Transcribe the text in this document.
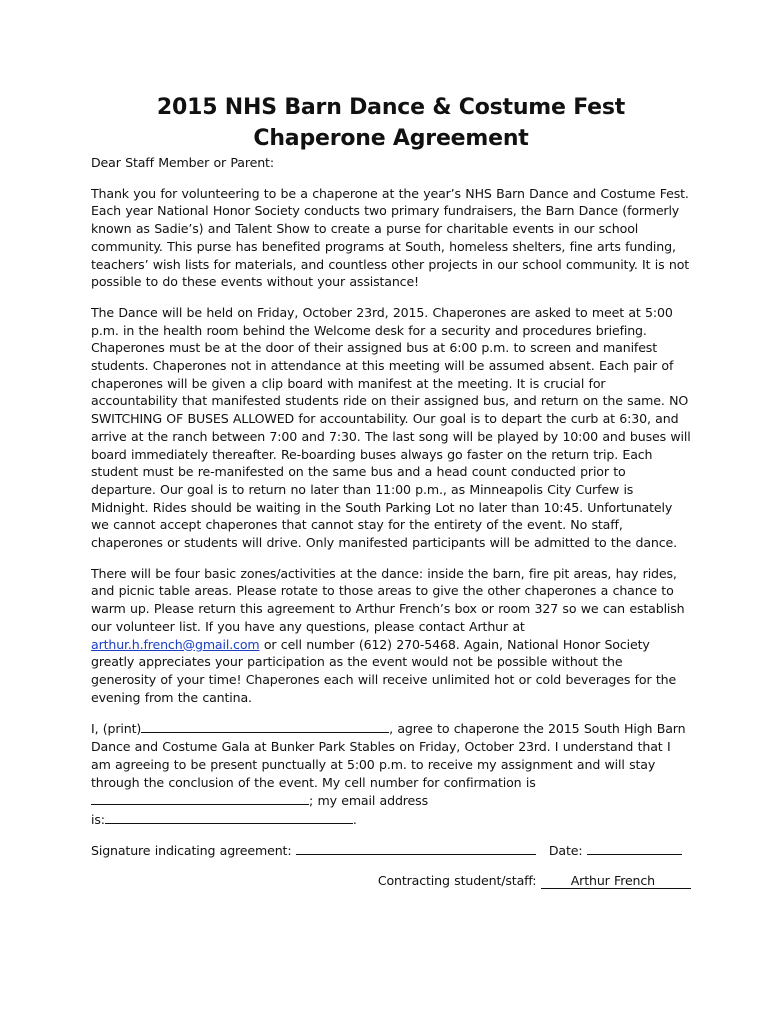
2015 NHS Barn Dance & Costume Fest
Chaperone Agreement

Dear Staff Member or Parent:

Thank you for volunteering to be a chaperone at the year’s NHS Barn Dance and Costume Fest. Each year National Honor Society conducts two primary fundraisers, the Barn Dance (formerly known as Sadie’s) and Talent Show to create a purse for charitable events in our school community. This purse has benefited programs at South, homeless shelters, fine arts funding, teachers’ wish lists for materials, and countless other projects in our school community. It is not possible to do these events without your assistance!

The Dance will be held on Friday, October 23rd, 2015. Chaperones are asked to meet at 5:00 p.m. in the health room behind the Welcome desk for a security and procedures briefing. Chaperones must be at the door of their assigned bus at 6:00 p.m. to screen and manifest students. Chaperones not in attendance at this meeting will be assumed absent. Each pair of chaperones will be given a clip board with manifest at the meeting. It is crucial for accountability that manifested students ride on their assigned bus, and return on the same. NO SWITCHING OF BUSES ALLOWED for accountability. Our goal is to depart the curb at 6:30, and arrive at the ranch between 7:00 and 7:30. The last song will be played by 10:00 and buses will board immediately thereafter. Re-boarding buses always go faster on the return trip. Each student must be re-manifested on the same bus and a head count conducted prior to departure. Our goal is to return no later than 11:00 p.m., as Minneapolis City Curfew is Midnight. Rides should be waiting in the South Parking Lot no later than 10:45. Unfortunately we cannot accept chaperones that cannot stay for the entirety of the event. No staff, chaperones or students will drive. Only manifested participants will be admitted to the dance.

There will be four basic zones/activities at the dance: inside the barn, fire pit areas, hay rides, and picnic table areas. Please rotate to those areas to give the other chaperones a chance to warm up. Please return this agreement to Arthur French’s box or room 327 so we can establish our volunteer list. If you have any questions, please contact Arthur at arthur.h.french@gmail.com or cell number (612) 270-5468. Again, National Honor Society greatly appreciates your participation as the event would not be possible without the generosity of your time! Chaperones each will receive unlimited hot or cold beverages for the evening from the cantina.

I, (print)	, agree to chaperone the 2015 South High Barn Dance and Costume Gala at Bunker Park Stables on Friday, October 23rd. I understand that I am agreeing to be present punctually at 5:00 p.m. to receive my assignment and will stay through the conclusion of the event. My cell number for confirmation is
; my email address
is:	.

Signature indicating agreement:	Date:

Contracting student/staff: Arthur French
